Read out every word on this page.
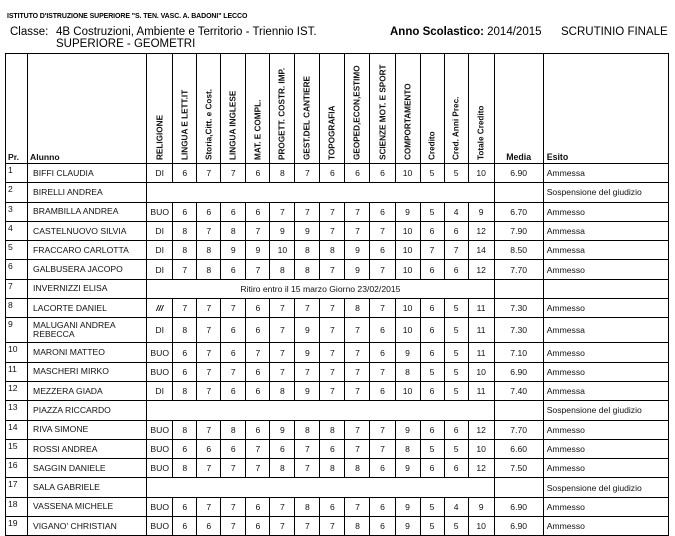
ISTITUTO D'ISTRUZIONE SUPERIORE "S. TEN. VASC. A. BADONI" LECCO
Classe: 4B Costruzioni, Ambiente e Territorio - Triennio IST. SUPERIORE - GEOMETRI
Anno Scolastico: 2014/2015 SCRUTINIO FINALE
Pr.	Alunno	RELIGIONE	LINGUA E LETT.IT	Storia,Citt. e Cost.	LINGUA INGLESE	MAT. E COMPL.	PROGETT. COSTR. IMP.	GEST.DEL CANTIERE	TOPOGRAFIA	GEOPED,ECON,ESTIMO	SCIENZE MOT. E SPORT	COMPORTAMENTO	Credito	Cred. Anni Prec.	Totale Credito	Media	Esito
1	BIFFI CLAUDIA	DI	6	7	7	6	8	7	6	6	6	10	5	5	10	6.90	Ammessa
2	BIRELLI ANDREA																Sospensione del giudizio
3	BRAMBILLA ANDREA	BUO	6	6	6	6	7	7	7	7	6	9	5	4	9	6.70	Ammesso
4	CASTELNUOVO SILVIA	DI	8	7	8	7	9	9	7	7	7	10	6	6	12	7.90	Ammessa
5	FRACCARO CARLOTTA	DI	8	8	9	9	10	8	8	9	6	10	7	7	14	8.50	Ammessa
6	GALBUSERA JACOPO	DI	7	8	6	7	8	8	7	9	7	10	6	6	12	7.70	Ammesso
7	INVERNIZZI ELISA	Ritiro entro il 15 marzo Giorno 23/02/2015															
8	LACORTE DANIEL	///	7	7	7	6	7	7	7	8	7	10	6	5	11	7.30	Ammesso
9	MALUGANI ANDREA REBECCA	DI	8	7	6	6	7	9	7	7	6	10	6	5	11	7.30	Ammessa
10	MARONI MATTEO	BUO	6	7	6	7	7	9	7	7	6	9	6	5	11	7.10	Ammesso
11	MASCHERI MIRKO	BUO	6	7	7	6	7	7	7	7	7	8	5	5	10	6.90	Ammesso
12	MEZZERA GIADA	DI	8	7	6	6	8	9	7	7	6	10	6	5	11	7.40	Ammessa
13	PIAZZA RICCARDO																Sospensione del giudizio
14	RIVA SIMONE	BUO	8	7	8	6	9	8	8	7	7	9	6	6	12	7.70	Ammesso
15	ROSSI ANDREA	BUO	6	6	6	7	6	7	6	7	7	8	5	5	10	6.60	Ammesso
16	SAGGIN DANIELE	BUO	8	7	7	7	8	7	8	8	6	9	6	6	12	7.50	Ammesso
17	SALA GABRIELE																Sospensione del giudizio
18	VASSENA MICHELE	BUO	6	7	7	6	7	8	6	7	6	9	5	4	9	6.90	Ammesso
19	VIGANO' CHRISTIAN	BUO	6	6	7	6	7	7	7	8	6	9	5	5	10	6.90	Ammesso
